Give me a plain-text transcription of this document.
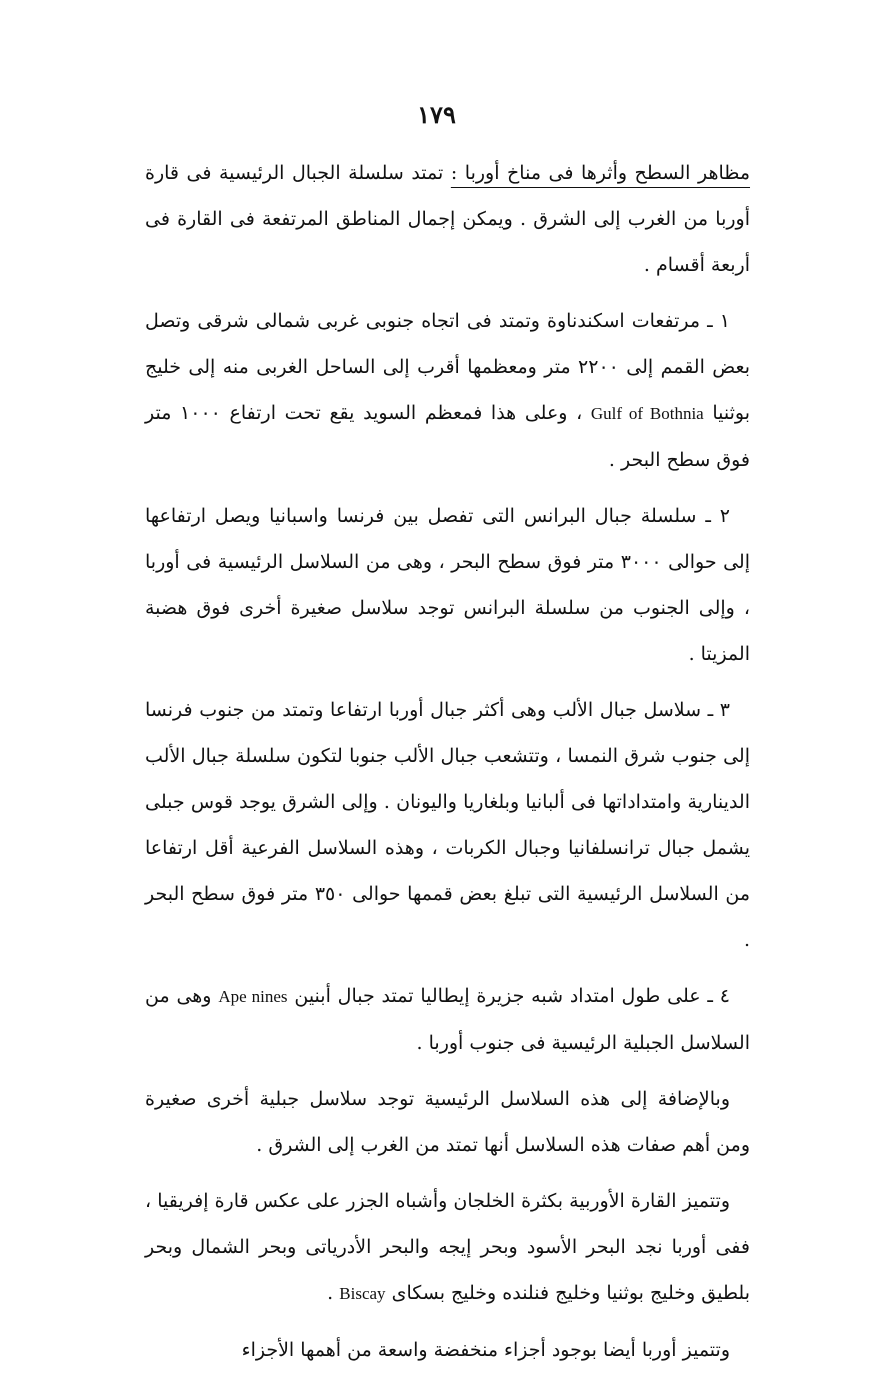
١٧٩

مظاهر السطح وأثرها فى مناخ أوربا : تمتد سلسلة الجبال الرئيسية فى قارة أوربا من الغرب إلى الشرق . ويمكن إجمال المناطق المرتفعة فى القارة فى أربعة أقسام .

١ ـ مرتفعات اسكندناوة وتمتد فى اتجاه جنوبى غربى شمالى شرقى وتصل بعض القمم إلى ٢٢٠٠ متر ومعظمها أقرب إلى الساحل الغربى منه إلى خليج بوثنيا Gulf of Bothnia ، وعلى هذا فمعظم السويد يقع تحت ارتفاع ١٠٠٠ متر فوق سطح البحر .

٢ ـ سلسلة جبال البرانس التى تفصل بين فرنسا واسبانيا ويصل ارتفاعها إلى حوالى ٣٠٠٠ متر فوق سطح البحر ، وهى من السلاسل الرئيسية فى أوربا ، وإلى الجنوب من سلسلة البرانس توجد سلاسل صغيرة أخرى فوق هضبة المزيتا .

٣ ـ سلاسل جبال الألب وهى أكثر جبال أوربا ارتفاعا وتمتد من جنوب فرنسا إلى جنوب شرق النمسا ، وتتشعب جبال الألب جنوبا لتكون سلسلة جبال الألب الدينارية وامتداداتها فى ألبانيا وبلغاريا واليونان . وإلى الشرق يوجد قوس جبلى يشمل جبال ترانسلفانيا وجبال الكربات ، وهذه السلاسل الفرعية أقل ارتفاعا من السلاسل الرئيسية التى تبلغ بعض قممها حوالى ٣٥٠ متر فوق سطح البحر .

٤ ـ على طول امتداد شبه جزيرة إيطاليا تمتد جبال أبنين Ape nines وهى من السلاسل الجبلية الرئيسية فى جنوب أوربا .

وبالإضافة إلى هذه السلاسل الرئيسية توجد سلاسل جبلية أخرى صغيرة ومن أهم صفات هذه السلاسل أنها تمتد من الغرب إلى الشرق .

وتتميز القارة الأوربية بكثرة الخلجان وأشباه الجزر على عكس قارة إفريقيا ، ففى أوربا نجد البحر الأسود وبحر إيجه والبحر الأدرياتى وبحر الشمال وبحر بلطيق وخليج بوثنيا وخليج فنلنده وخليج بسكاى Biscay .

وتتميز أوربا أيضا بوجود أجزاء منخفضة واسعة من أهمها الأجزاء
